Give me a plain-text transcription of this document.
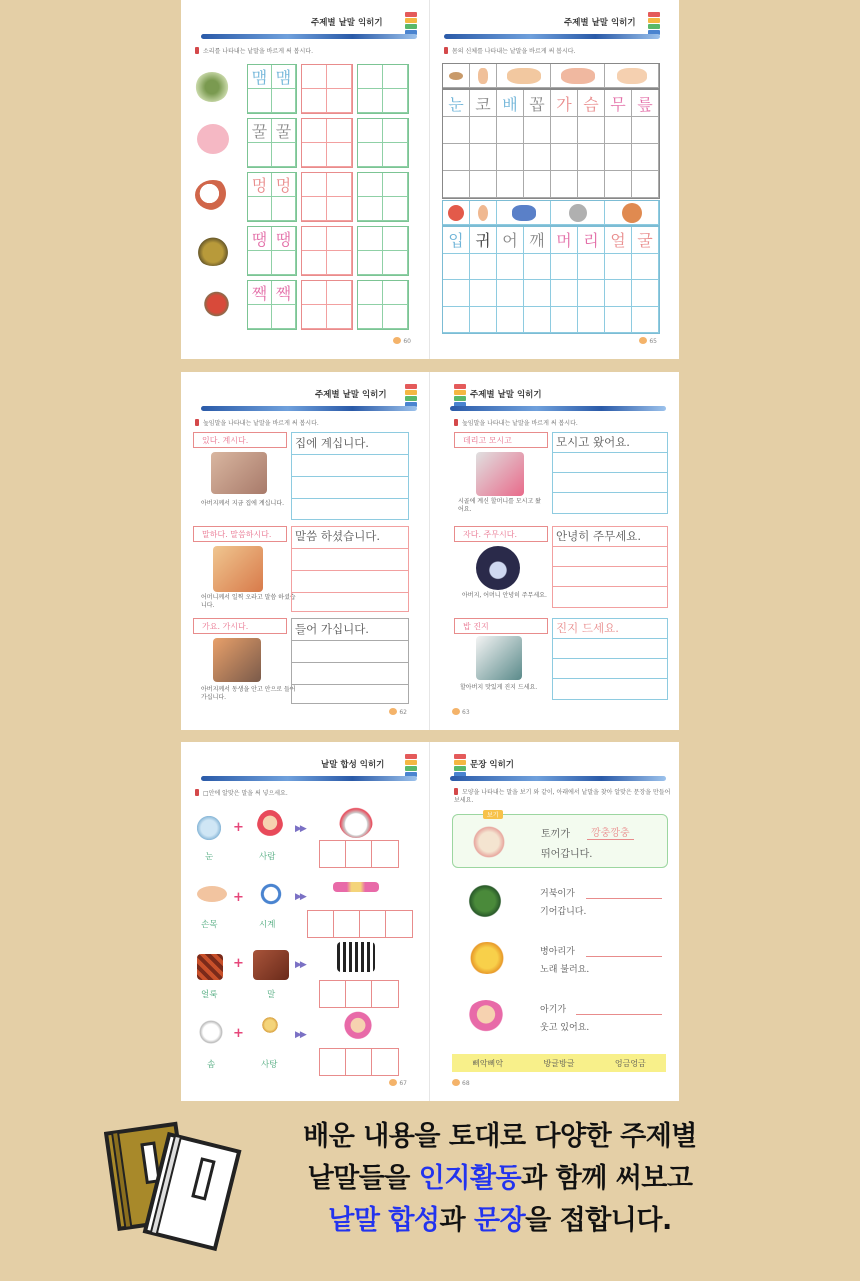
주제별 낱말 익히기
소리를 나타내는 낱말을 바르게 써 봅시다.
맴 맴
꿀 꿀
멍 멍
땡 땡
짹 짹
60
주제별 낱말 익히기
몸의 신체를 나타내는 낱말을 바르게 써 봅시다.
눈 코 배 꼽 가 슴 무 릎
입 귀 어 깨 머 리 얼 굴
65
주제별 낱말 익히기
높임말을 나타내는 낱말을 바르게 써 봅시다.
있다. 계시다.
아버지께서 지금 집에 계십니다.
집에 계십니다.
말하다. 말씀하시다.
어머니께서 일찍 오라고 말씀 하셨습니다.
말씀 하셨습니다.
가요. 가시다.
아버지께서 동생을 안고 안으로 들어 가십니다.
들어 가십니다.
62
주제별 낱말 익히기
높임말을 나타내는 낱말을 바르게 써 봅시다.
데리고 모시고
시골에 계신 할머니를 모시고 왔어요.
모시고 왔어요.
자다. 주무시다.
아버지, 어머니 안녕히 주무세요.
안녕히 주무세요.
밥 진지
할아버지 맛있게 진지 드세요.
진지 드세요.
63
낱말 합성 익히기
□안에 알맞은 말을 써 넣으세요.
+	▶▶
눈	사람
+	▶▶
손목	시계
+	▶▶
얼룩	말
+	▶▶
솜	사탕
67
문장 익히기
모양을 나타내는 말을 보기 와 같이, 아래에서 낱말을 찾아 알맞은 문장을 만들어 보세요.
보기
토끼가	깡충깡충
뛰어갑니다.
거북이가
기어갑니다.
병아리가
노래 불러요.
아기가
웃고 있어요.
삐악삐악	방글방글	엉금엉금
68
배운 내용을 토대로 다양한 주제별
낱말들을 인지활동과 함께 써보고
낱말 합성과 문장을 접합니다.
